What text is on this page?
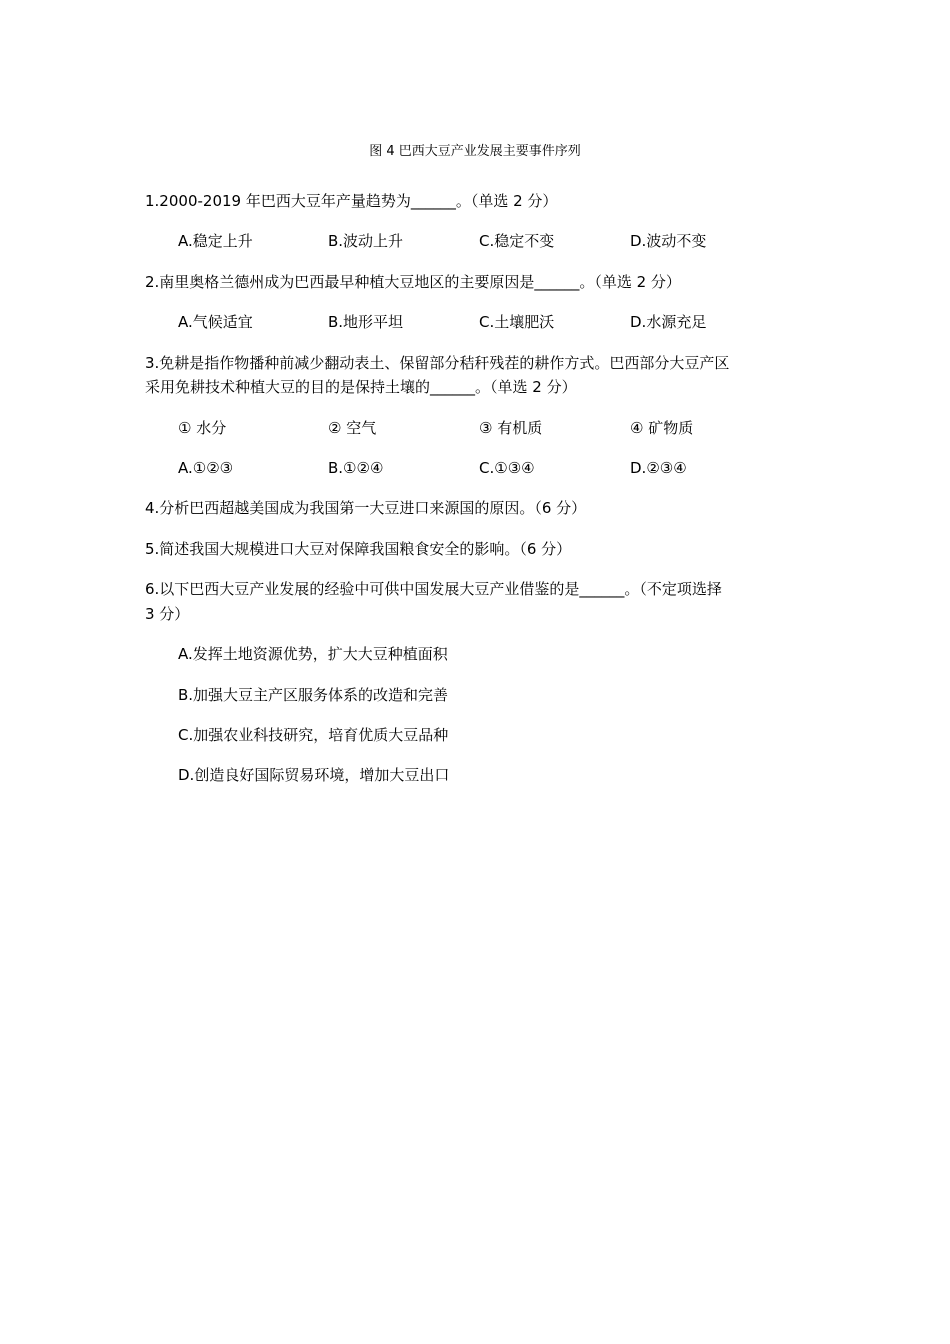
图 4 巴西大豆产业发展主要事件序列
1.2000-2019 年巴西大豆年产量趋势为______。（单选 2 分）
A.稳定上升	B.波动上升	C.稳定不变	D.波动不变
2.南里奥格兰德州成为巴西最早种植大豆地区的主要原因是______。（单选 2 分）
A.气候适宜	B.地形平坦	C.土壤肥沃	D.水源充足
3.免耕是指作物播种前减少翻动表土、保留部分秸秆残茬的耕作方式。巴西部分大豆产区
采用免耕技术种植大豆的目的是保持土壤的______。（单选 2 分）
① 水分	② 空气	③ 有机质	④ 矿物质
A.①②③	B.①②④	C.①③④	D.②③④
4.分析巴西超越美国成为我国第一大豆进口来源国的原因。（6 分）
5.简述我国大规模进口大豆对保障我国粮食安全的影响。（6 分）
6.以下巴西大豆产业发展的经验中可供中国发展大豆产业借鉴的是______。（不定项选择
3 分）
A.发挥土地资源优势，扩大大豆种植面积
B.加强大豆主产区服务体系的改造和完善
C.加强农业科技研究，培育优质大豆品种
D.创造良好国际贸易环境，增加大豆出口
